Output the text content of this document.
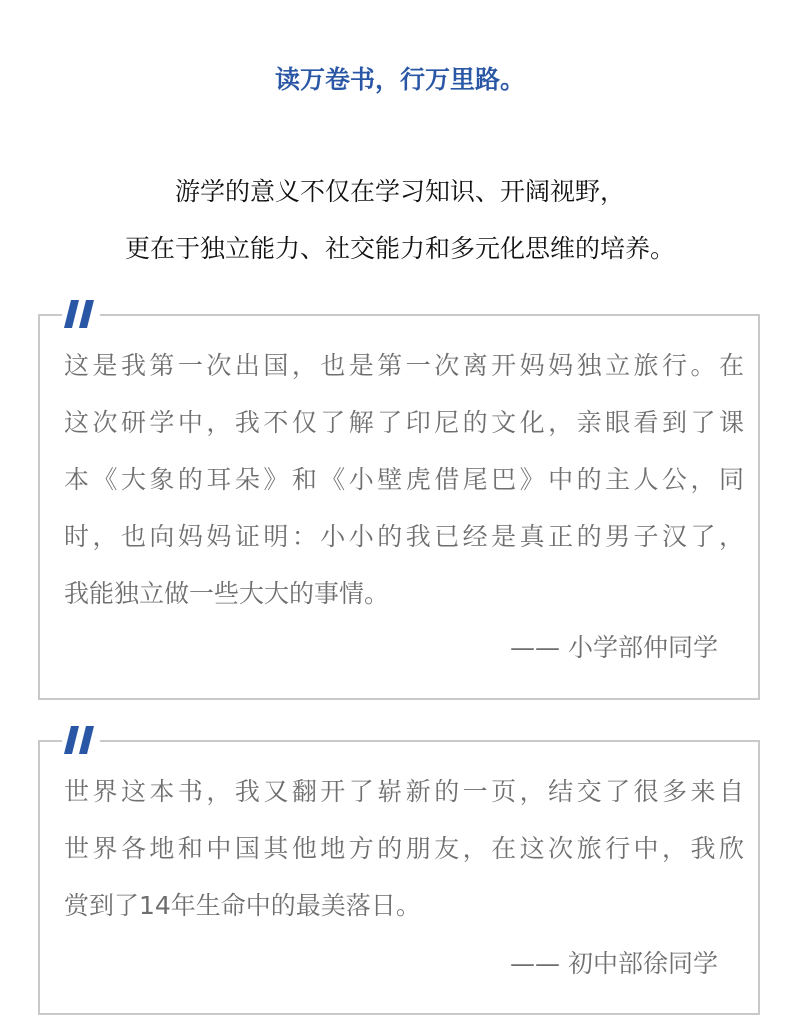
读万卷书，行万里路。
游学的意义不仅在学习知识、开阔视野，
更在于独立能力、社交能力和多元化思维的培养。
这是我第一次出国，也是第一次离开妈妈独立旅行。在
这次研学中，我不仅了解了印尼的文化，亲眼看到了课
本《大象的耳朵》和《小壁虎借尾巴》中的主人公，同
时，也向妈妈证明：小小的我已经是真正的男子汉了，
我能独立做一些大大的事情。
—— 小学部仲同学
世界这本书，我又翻开了崭新的一页，结交了很多来自
世界各地和中国其他地方的朋友，在这次旅行中，我欣
赏到了14年生命中的最美落日。
—— 初中部徐同学
